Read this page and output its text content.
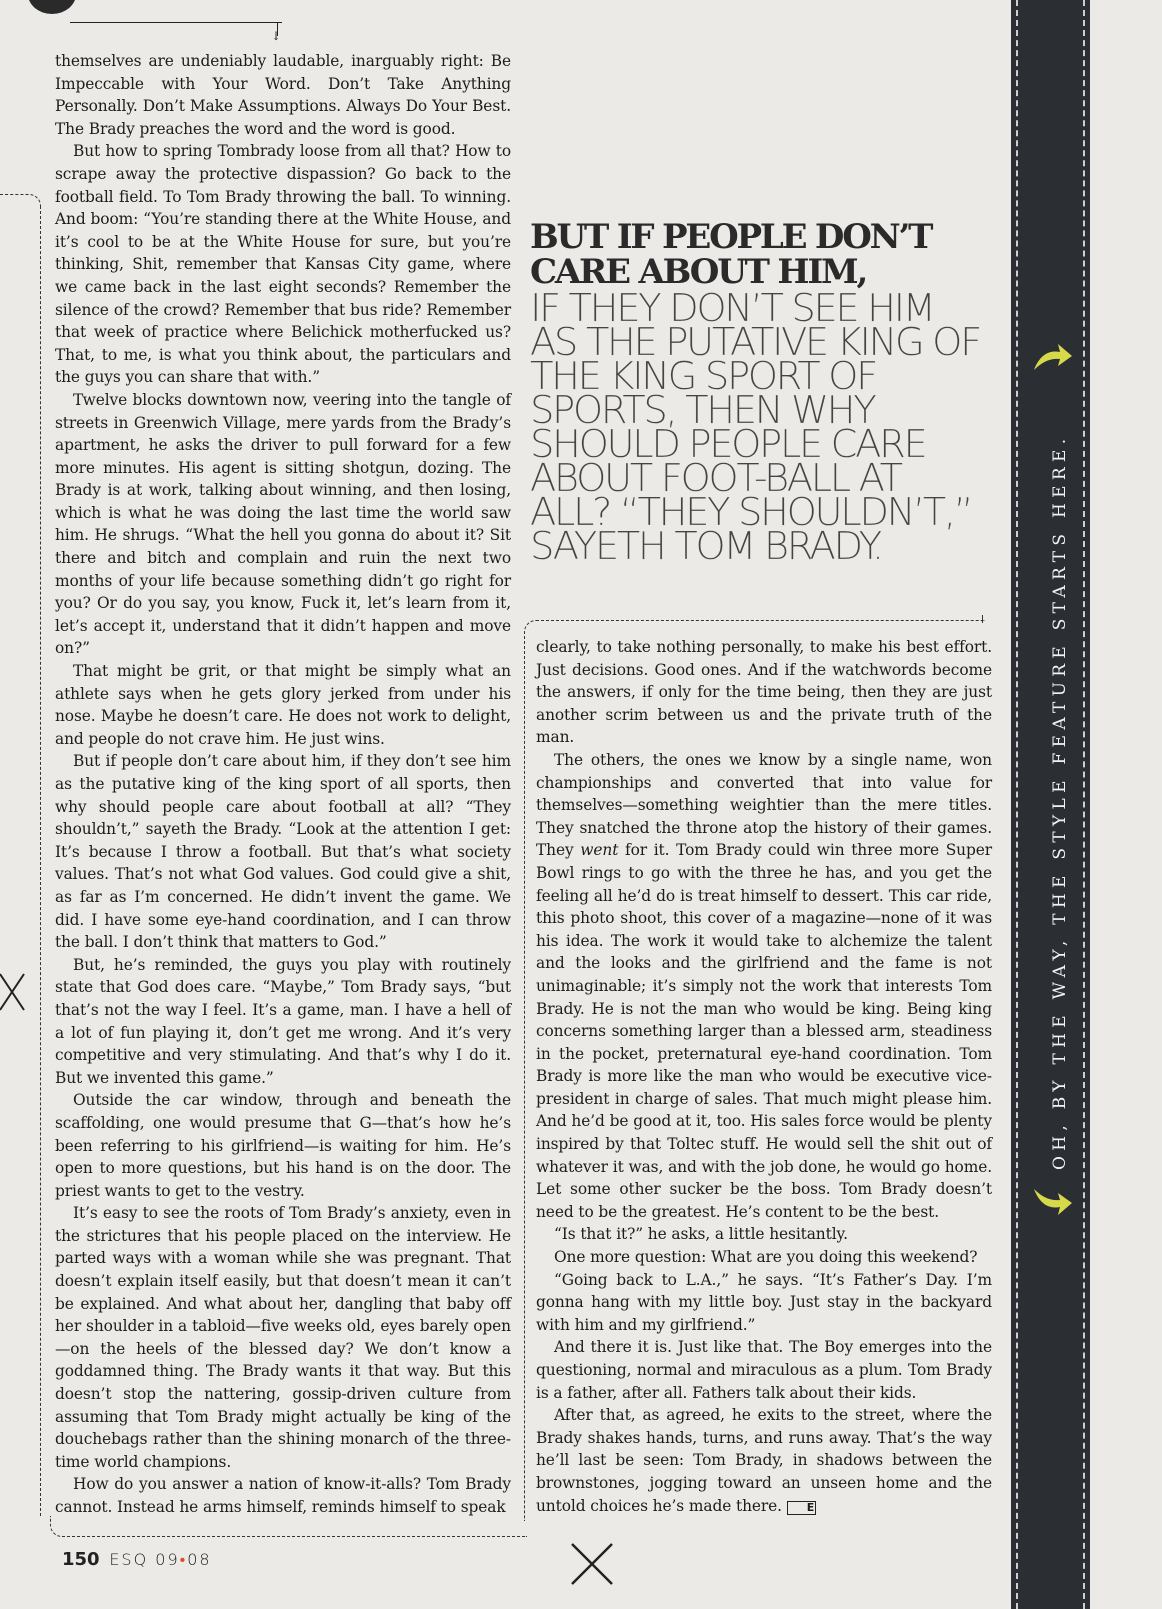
↓

themselves are undeniably laudable, inarguably right: Be Impeccable with Your Word. Don’t Take Anything Personally. Don’t Make Assumptions. Always Do Your Best. The Brady preaches the word and the word is good.

But how to spring Tombrady loose from all that? How to scrape away the protective dispassion? Go back to the football field. To Tom Brady throwing the ball. To winning. And boom: “You’re standing there at the White House, and it’s cool to be at the White House for sure, but you’re thinking, Shit, remember that Kansas City game, where we came back in the last eight seconds? Remember the silence of the crowd? Remember that bus ride? Remember that week of practice where Belichick motherfucked us? That, to me, is what you think about, the particulars and the guys you can share that with.”

Twelve blocks downtown now, veering into the tangle of streets in Greenwich Village, mere yards from the Brady’s apartment, he asks the driver to pull forward for a few more minutes. His agent is sitting shotgun, dozing. The Brady is at work, talking about winning, and then losing, which is what he was doing the last time the world saw him. He shrugs. “What the hell you gonna do about it? Sit there and bitch and complain and ruin the next two months of your life because something didn’t go right for you? Or do you say, you know, Fuck it, let’s learn from it, let’s accept it, understand that it didn’t happen and move on?”

That might be grit, or that might be simply what an athlete says when he gets glory jerked from under his nose. Maybe he doesn’t care. He does not work to delight, and people do not crave him. He just wins.

But if people don’t care about him, if they don’t see him as the putative king of the king sport of all sports, then why should people care about football at all? “They shouldn’t,” sayeth the Brady. “Look at the attention I get: It’s because I throw a football. But that’s what society values. That’s not what God values. God could give a shit, as far as I’m concerned. He didn’t invent the game. We did. I have some eye-hand coordination, and I can throw the ball. I don’t think that matters to God.”

But, he’s reminded, the guys you play with routinely state that God does care. “Maybe,” Tom Brady says, “but that’s not the way I feel. It’s a game, man. I have a hell of a lot of fun playing it, don’t get me wrong. And it’s very competitive and very stimulating. And that’s why I do it. But we invented this game.”

Outside the car window, through and beneath the scaffolding, one would presume that G—that’s how he’s been referring to his girlfriend—is waiting for him. He’s open to more questions, but his hand is on the door. The priest wants to get to the vestry.

It’s easy to see the roots of Tom Brady’s anxiety, even in the strictures that his people placed on the interview. He parted ways with a woman while she was pregnant. That doesn’t explain itself easily, but that doesn’t mean it can’t be explained. And what about her, dangling that baby off her shoulder in a tabloid—five weeks old, eyes barely open—on the heels of the blessed day? We don’t know a goddamned thing. The Brady wants it that way. But this doesn’t stop the nattering, gossip-driven culture from assuming that Tom Brady might actually be king of the douchebags rather than the shining monarch of the three-time world champions.

How do you answer a nation of know-it-alls? Tom Brady cannot. Instead he arms himself, reminds himself to speak

BUT IF PEOPLE DON’T CARE ABOUT HIM,
IF THEY DON’T SEE HIM AS THE PUTATIVE KING OF THE KING SPORT OF SPORTS, THEN WHY SHOULD PEOPLE CARE ABOUT FOOT-BALL AT ALL? “THEY SHOULDN’T,” SAYETH TOM BRADY.

clearly, to take nothing personally, to make his best effort. Just decisions. Good ones. And if the watchwords become the answers, if only for the time being, then they are just another scrim between us and the private truth of the man.

The others, the ones we know by a single name, won championships and converted that into value for themselves—something weightier than the mere titles. They snatched the throne atop the history of their games. They went for it. Tom Brady could win three more Super Bowl rings to go with the three he has, and you get the feeling all he’d do is treat himself to dessert. This car ride, this photo shoot, this cover of a magazine—none of it was his idea. The work it would take to alchemize the talent and the looks and the girlfriend and the fame is not unimaginable; it’s simply not the work that interests Tom Brady. He is not the man who would be king. Being king concerns something larger than a blessed arm, steadiness in the pocket, preternatural eye-hand coordination. Tom Brady is more like the man who would be executive vice-president in charge of sales. That much might please him. And he’d be good at it, too. His sales force would be plenty inspired by that Toltec stuff. He would sell the shit out of whatever it was, and with the job done, he would go home. Let some other sucker be the boss. Tom Brady doesn’t need to be the greatest. He’s content to be the best.

“Is that it?” he asks, a little hesitantly.

One more question: What are you doing this weekend?

“Going back to L.A.,” he says. “It’s Father’s Day. I’m gonna hang with my little boy. Just stay in the backyard with him and my girlfriend.”

And there it is. Just like that. The Boy emerges into the questioning, normal and miraculous as a plum. Tom Brady is a father, after all. Fathers talk about their kids.

After that, as agreed, he exits to the street, where the Brady shakes hands, turns, and runs away. That’s the way he’ll last be seen: Tom Brady, in shadows between the brownstones, jogging toward an unseen home and the untold choices he’s made there. E

150 ESQ 09•08
OH, BY THE WAY, THE STYLE FEATURE STARTS HERE.
